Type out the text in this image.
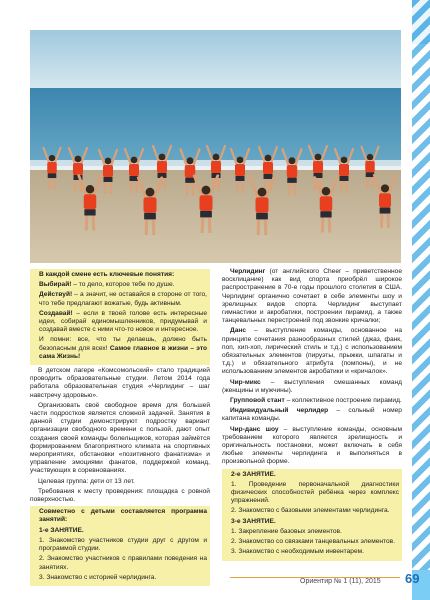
В каждой смене есть ключевые понятия:

Выбирай! – то дело, которое тебе по душе.

Действуй! – а значит, не оставайся в стороне от того, что тебе предлагают вожатые, будь активным.

Создавай! – если в твоей голове есть интересные идеи, собирай единомышленников, придумывай и создавай вместе с ними что-то новое и интересное.

И помни: все, что ты делаешь, должно быть безопасным для всех! Самое главное в жизни – это сама Жизнь!

В детском лагере «Комсомольский» стало традицией проводить образовательные студии. Летом 2014 года работала образовательная студия «Черлидинг – шаг навстречу здоровью».

Организовать своё свободное время для большей части подростков является сложной задачей. Занятия в данной студии демонстрируют подростку вариант организации свободного времени с пользой, дают опыт создания своей команды болельщиков, которая займётся формированием благоприятного климата на спортивных мероприятиях, обстановки «позитивного фанатизма» и управление эмоциями фанатов, поддержкой команд, участвующих в соревнованиях.

Целевая группа: дети от 13 лет.

Требования к месту проведения: площадка с ровной поверхностью.

Совместно с детьми составляется программа занятий:

1-е ЗАНЯТИЕ.

1. Знакомство участников студии друг с другом и программой студии.

2. Знакомство участников с правилами поведения на занятиях.

3. Знакомство с историей черлидинга.

Черлидинг (от английского Cheer – приветственное восклицание) как вид спорта приобрёл широкое распространение в 70-е годы прошлого столетия в США. Черлидинг органично сочетает в себе элементы шоу и зрелищных видов спорта. Черлидинг выступает гимнастики и акробатики, построении пирамид, а также танцевальных перестроений под звонкие кричалки;

Данс – выступление команды, основанное на принципе сочетания разнообразных стилей (джаз, фанк, поп, хип-хоп, лирический стиль и т.д.) с использованием обязательных элементов (пируэты, прыжки, шпагаты и т.д.) и обязательного атрибута (помпоны), и не использованием элементов акробатики и «кричалок».

Чир-микс – выступления смешанных команд (женщины и мужчины).

Групповой стант – коллективное построение пирамид.

Индивидуальный черлидер – сольный номер капитана команды.

Чир-данс шоу – выступление команды, основным требованием которого является зрелищность и оригинальность постановки, может включать в себя любые элементы черлидинга и выполняться в произвольной форме.

2-е ЗАНЯТИЕ.

1. Проведение первоначальной диагностики физических способностей ребёнка через комплекс упражнений.

2. Знакомство с базовыми элементами черлидинга.

3-е ЗАНЯТИЕ.

1. Закрепление базовых элементов.

2. Знакомство со связками танцевальных элементов.

3. Знакомство с необходимым инвентарем.

Ориентир № 1 (11), 2015 69
